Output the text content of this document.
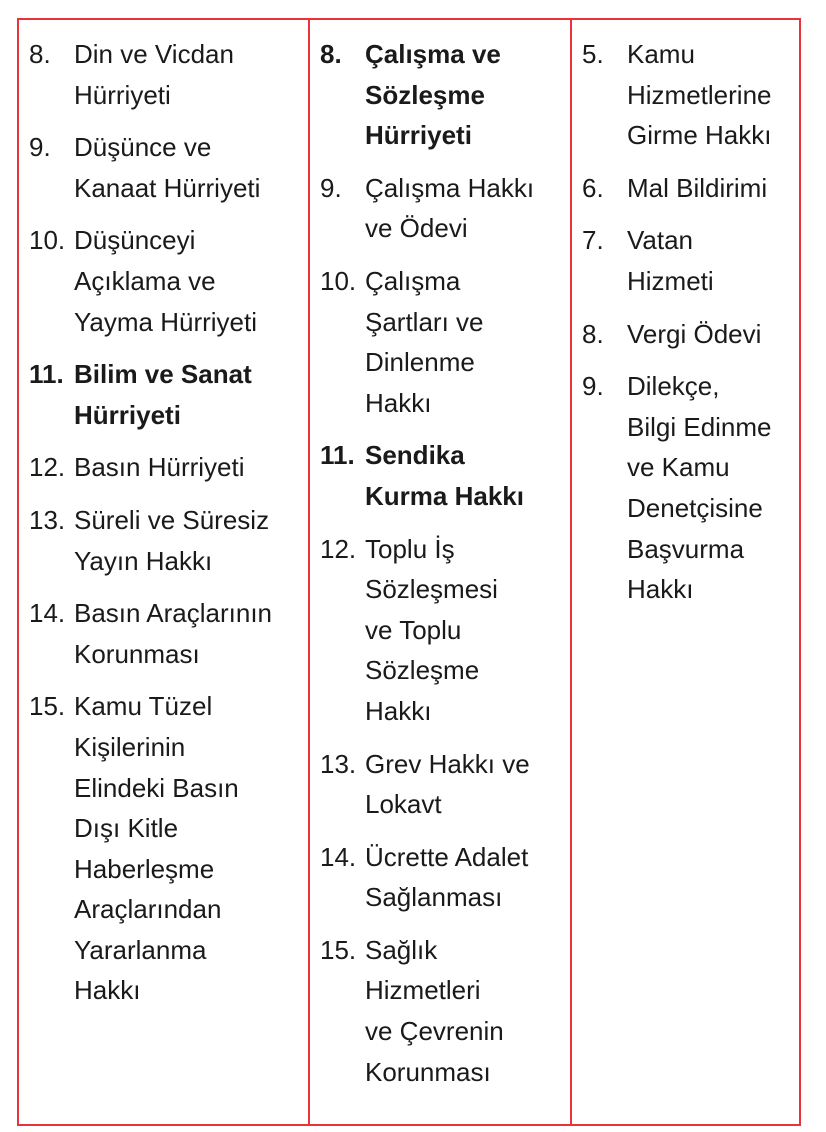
8. Din ve Vicdan
Hürriyeti
9. Düşünce ve
Kanaat Hürriyeti
10. Düşünceyi
Açıklama ve
Yayma Hürriyeti
11. Bilim ve Sanat
Hürriyeti
12. Basın Hürriyeti
13. Süreli ve Süresiz
Yayın Hakkı
14. Basın Araçlarının
Korunması
15. Kamu Tüzel
Kişilerinin
Elindeki Basın
Dışı Kitle
Haberleşme
Araçlarından
Yararlanma
Hakkı
8. Çalışma ve
Sözleşme
Hürriyeti
9. Çalışma Hakkı
ve Ödevi
10. Çalışma
Şartları ve
Dinlenme
Hakkı
11. Sendika
Kurma Hakkı
12. Toplu İş
Sözleşmesi
ve Toplu
Sözleşme
Hakkı
13. Grev Hakkı ve
Lokavt
14. Ücrette Adalet
Sağlanması
15. Sağlık
Hizmetleri
ve Çevrenin
Korunması
5. Kamu
Hizmetlerine
Girme Hakkı
6. Mal Bildirimi
7. Vatan
Hizmeti
8. Vergi Ödevi
9. Dilekçe,
Bilgi Edinme
ve Kamu
Denetçisine
Başvurma
Hakkı
